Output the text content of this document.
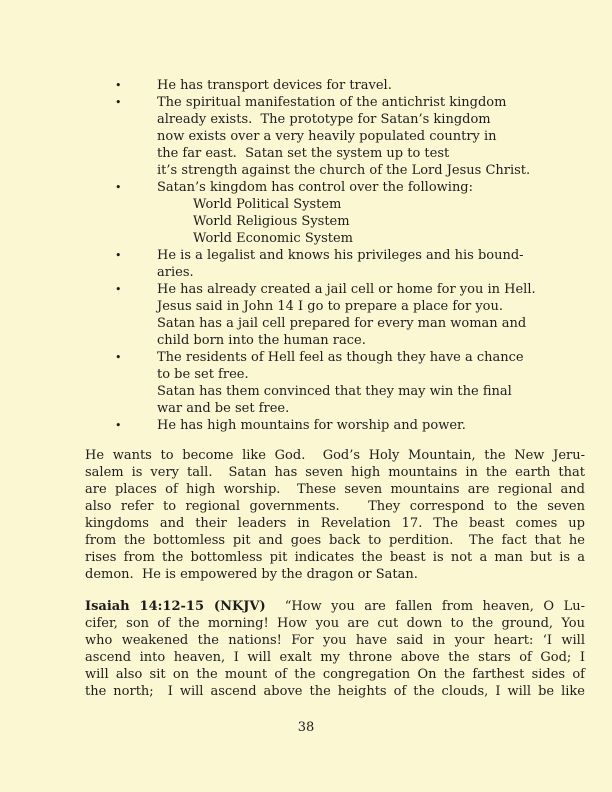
•	He has transport devices for travel.
•	The spiritual manifestation of the antichrist kingdom
already exists.  The prototype for Satan’s kingdom
now exists over a very heavily populated country in
the far east.  Satan set the system up to test
it’s strength against the church of the Lord Jesus Christ.
•	Satan’s kingdom has control over the following:
World Political System
World Religious System
World Economic System
•	He is a legalist and knows his privileges and his bound-
aries.
•	He has already created a jail cell or home for you in Hell.
Jesus said in John 14 I go to prepare a place for you.
Satan has a jail cell prepared for every man woman and
child born into the human race.
•	The residents of Hell feel as though they have a chance
to be set free.
Satan has them convinced that they may win the final
war and be set free.
•	He has high mountains for worship and power.
He wants to become like God.  God’s Holy Mountain, the New Jeru-
salem is very tall.  Satan has seven high mountains in the earth that
are places of high worship.  These seven mountains are regional and
also refer to regional governments.   They correspond to the seven
kingdoms and their leaders in Revelation 17. The beast comes up
from the bottomless pit and goes back to perdition.  The fact that he
rises from the bottomless pit indicates the beast is not a man but is a
demon.  He is empowered by the dragon or Satan.
Isaiah 14:12-15 (NKJV)  “How you are fallen from heaven, O Lu-
cifer, son of the morning! How you are cut down to the ground, You
who weakened the nations! For you have said in your heart: ‘I will
ascend into heaven, I will exalt my throne above the stars of God; I
will also sit on the mount of the congregation On the farthest sides of
the north;  I will ascend above the heights of the clouds, I will be like
38
